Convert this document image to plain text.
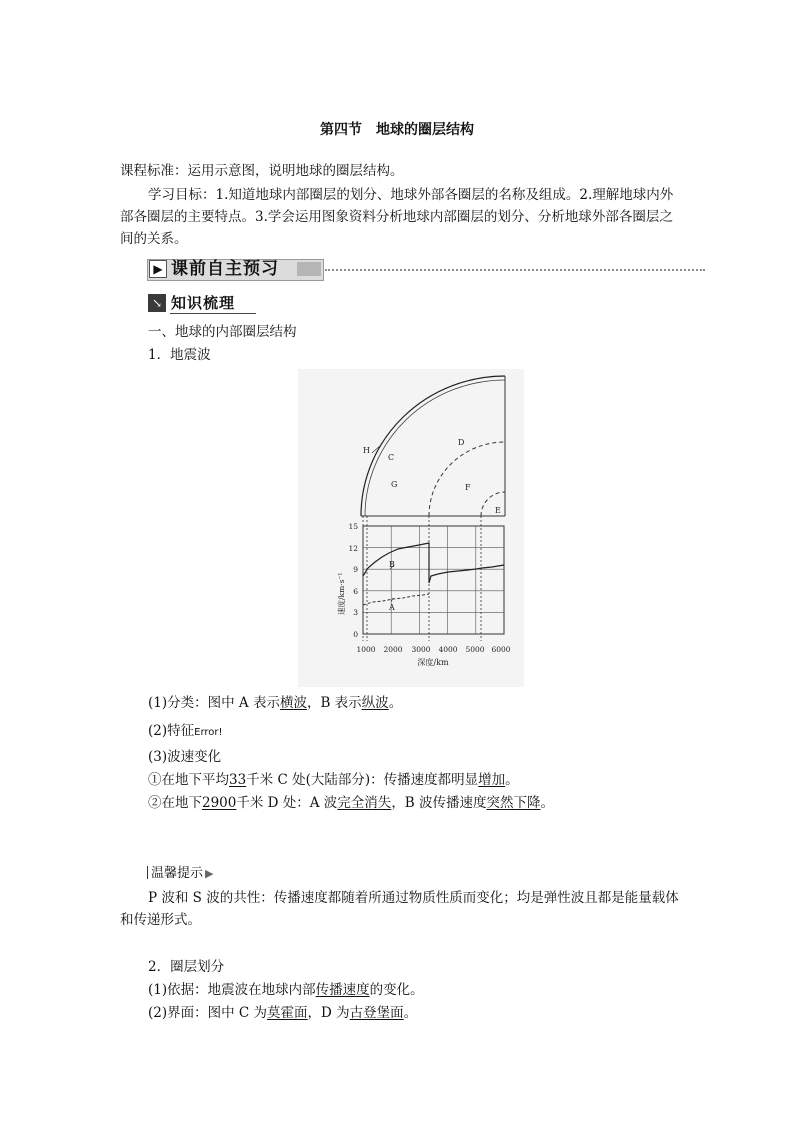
第四节　地球的圈层结构
课程标准：运用示意图，说明地球的圈层结构。
学习目标：1.知道地球内部圈层的划分、地球外部各圈层的名称及组成。2.理解地球内外部各圈层的主要特点。3.学会运用图象资料分析地球内部圈层的划分、分析地球外部各圈层之间的关系。
▶ 课前自主预习
↘ 知识梳理
一、地球的内部圈层结构
1．地震波
H
C
D
G	F
E
B
A
15
12
9
6
3
0
1000 2000 3000 4000 5000 6000
深度/km
速度/km·s⁻¹
(1)分类：图中 A 表示横波，B 表示纵波。
(2)特征Error!
(3)波速变化
①在地下平均33千米 C 处(大陆部分)：传播速度都明显增加。
②在地下2900千米 D 处：A 波完全消失，B 波传播速度突然下降。
温馨提示 ▶
P 波和 S 波的共性：传播速度都随着所通过物质性质而变化；均是弹性波且都是能量载体和传递形式。
2．圈层划分
(1)依据：地震波在地球内部传播速度的变化。
(2)界面：图中 C 为莫霍面，D 为古登堡面。
